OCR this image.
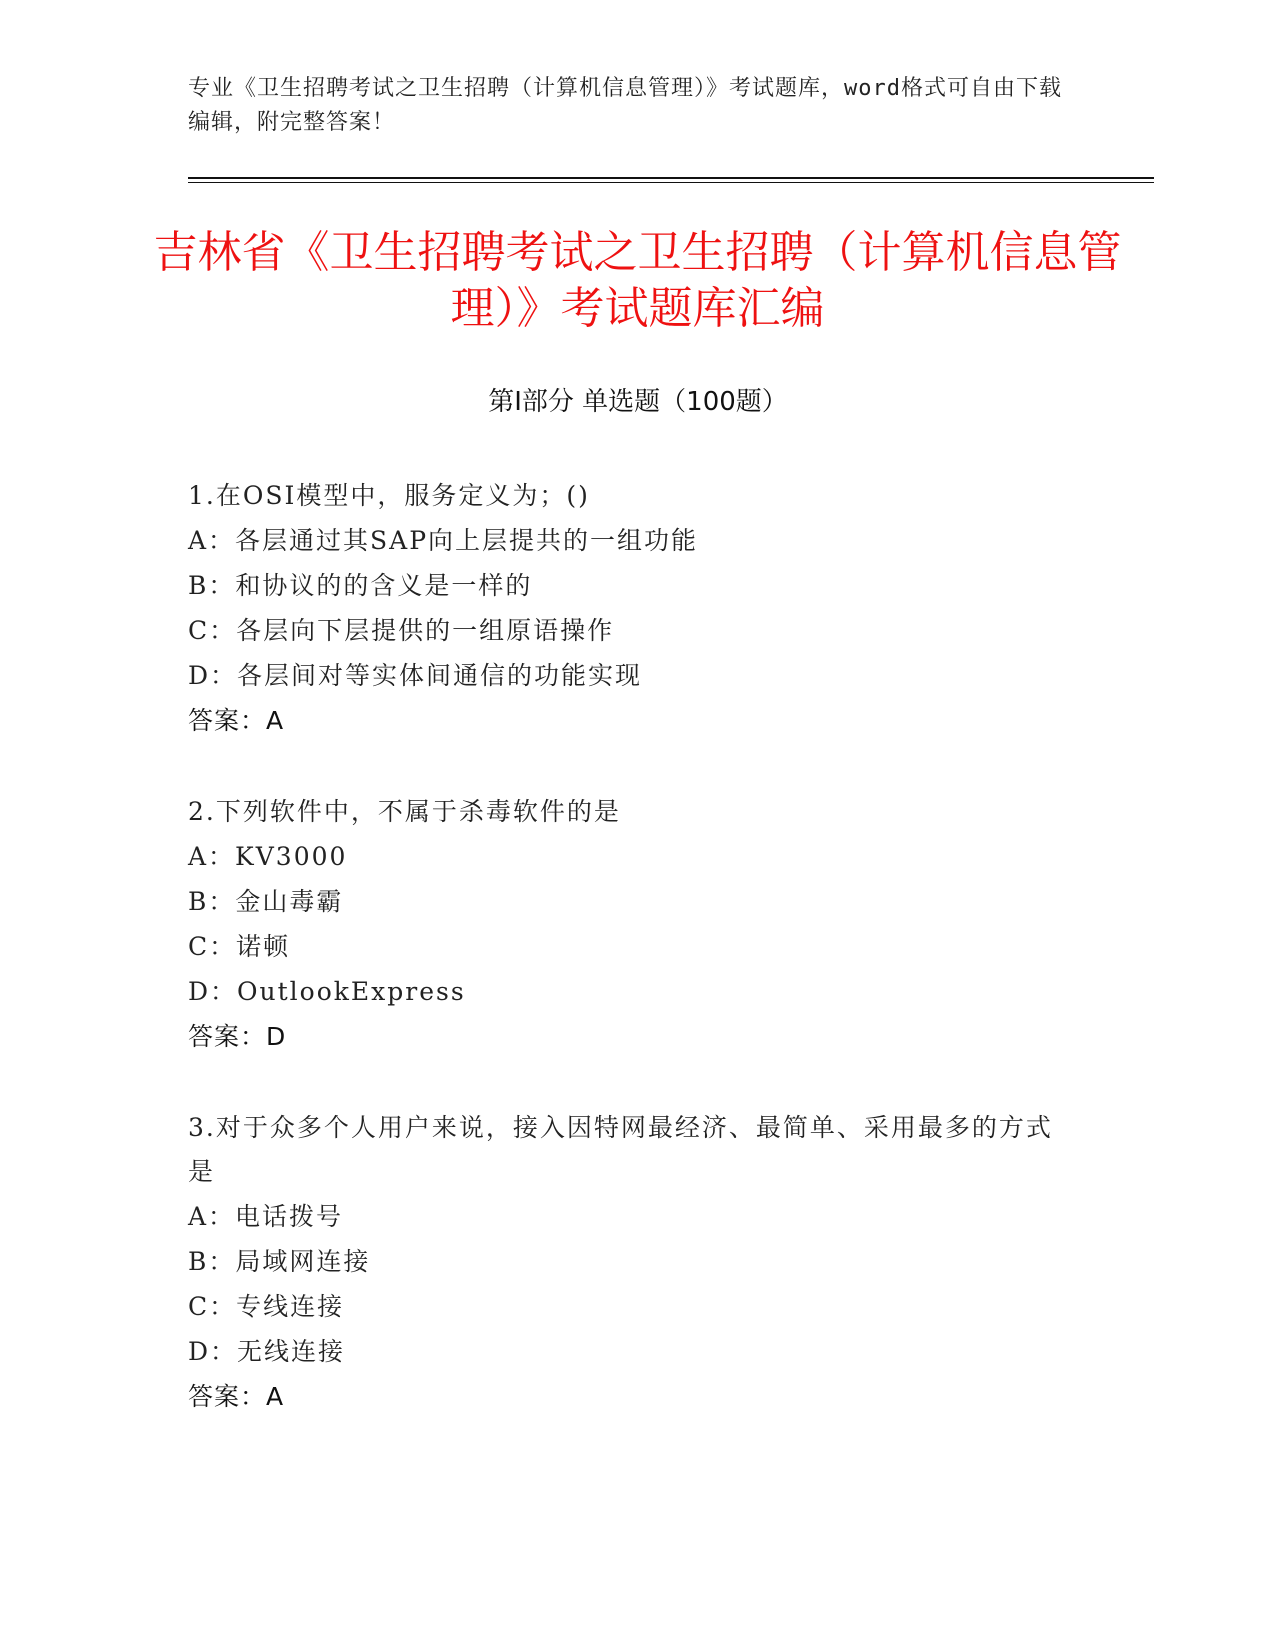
专业《卫生招聘考试之卫生招聘（计算机信息管理）》考试题库，word格式可自由下载编辑，附完整答案！
吉林省《卫生招聘考试之卫生招聘（计算机信息管理）》考试题库汇编
第Ⅰ部分 单选题（100题）
1.在OSI模型中，服务定义为；()
A：各层通过其SAP向上层提共的一组功能
B：和协议的的含义是一样的
C：各层向下层提供的一组原语操作
D：各层间对等实体间通信的功能实现
答案：A
2.下列软件中，不属于杀毒软件的是
A：KV3000
B：金山毒霸
C：诺顿
D：OutlookExpress
答案：D
3.对于众多个人用户来说，接入因特网最经济、最简单、采用最多的方式是
A：电话拨号
B：局域网连接
C：专线连接
D：无线连接
答案：A
